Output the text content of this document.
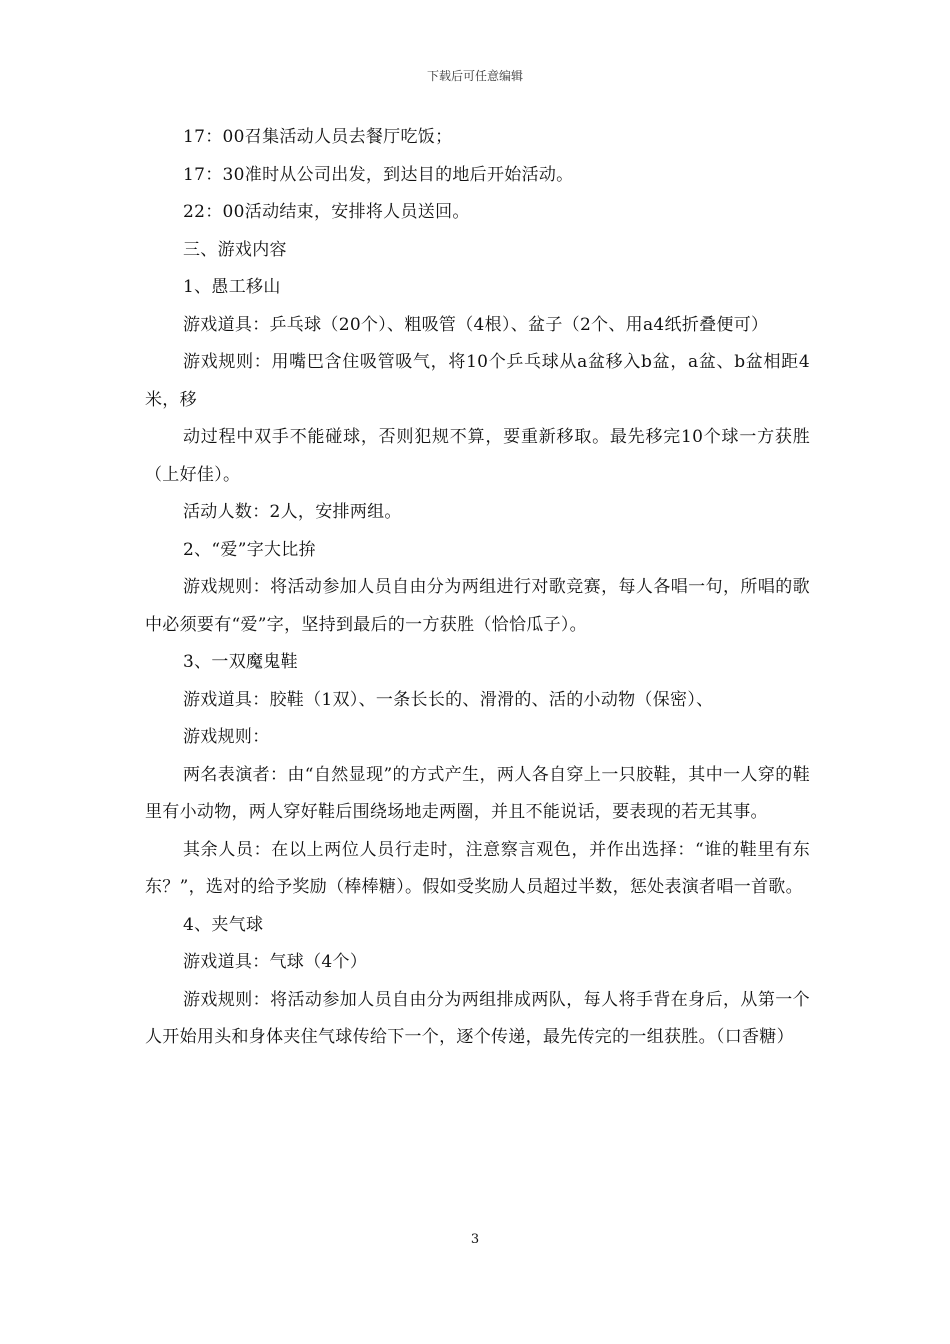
下载后可任意编辑

17：00召集活动人员去餐厅吃饭；

17：30准时从公司出发，到达目的地后开始活动。

22：00活动结束，安排将人员送回。

三、游戏内容

1、愚工移山

游戏道具：乒乓球（20个）、粗吸管（4根）、盆子（2个、用a4纸折叠便可）

游戏规则：用嘴巴含住吸管吸气，将10个乒乓球从a盆移入b盆，a盆、b盆相距4米，移

动过程中双手不能碰球，否则犯规不算，要重新移取。最先移完10个球一方获胜（上好佳）。

活动人数：2人，安排两组。

2、“爱”字大比拚

游戏规则：将活动参加人员自由分为两组进行对歌竞赛，每人各唱一句，所唱的歌中必须要有“爱”字，坚持到最后的一方获胜（恰恰瓜子）。

3、一双魔鬼鞋

游戏道具：胶鞋（1双）、一条长长的、滑滑的、活的小动物（保密）、

游戏规则：

两名表演者：由“自然显现”的方式产生，两人各自穿上一只胶鞋，其中一人穿的鞋里有小动物，两人穿好鞋后围绕场地走两圈，并且不能说话，要表现的若无其事。

其余人员：在以上两位人员行走时，注意察言观色，并作出选择：“谁的鞋里有东东？”，选对的给予奖励（棒棒糖）。假如受奖励人员超过半数，惩处表演者唱一首歌。

4、夹气球

游戏道具：气球（4个）

游戏规则：将活动参加人员自由分为两组排成两队，每人将手背在身后，从第一个人开始用头和身体夹住气球传给下一个，逐个传递，最先传完的一组获胜。（口香糖）

3
